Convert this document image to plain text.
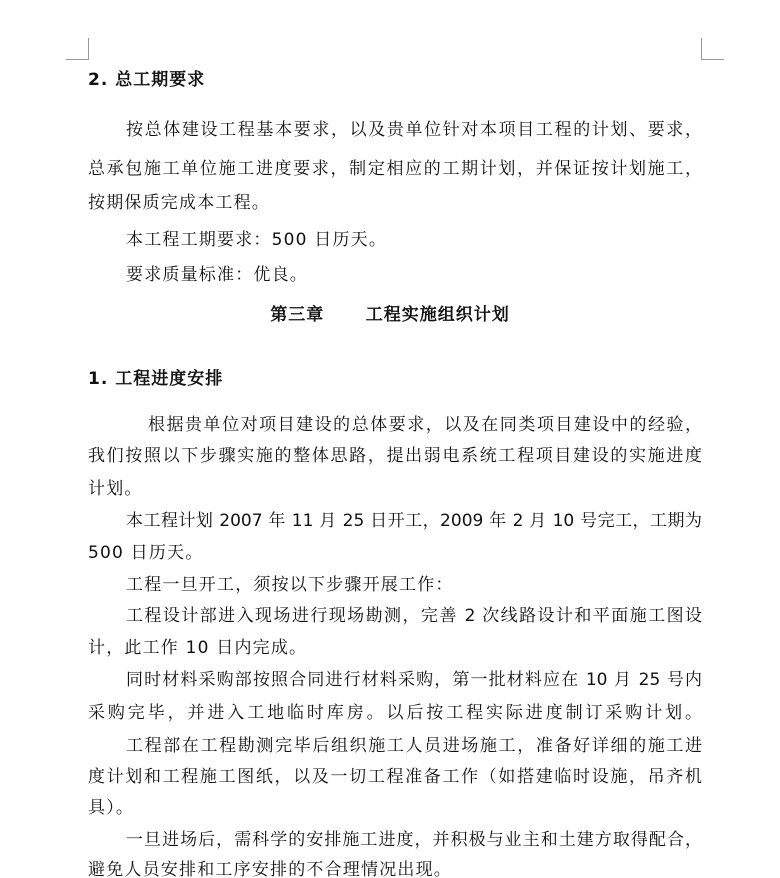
2. 总工期要求
按总体建设工程基本要求，以及贵单位针对本项目工程的计划、要求，
总承包施工单位施工进度要求，制定相应的工期计划，并保证按计划施工，
按期保质完成本工程。
本工程工期要求：500 日历天。
要求质量标准：优良。
第三章      工程实施组织计划
1. 工程进度安排
根据贵单位对项目建设的总体要求，以及在同类项目建设中的经验，
我们按照以下步骤实施的整体思路，提出弱电系统工程项目建设的实施进度
计划。
本工程计划 2007 年 11 月 25 日开工，2009 年 2 月 10 号完工，工期为
500 日历天。
工程一旦开工，须按以下步骤开展工作：
工程设计部进入现场进行现场勘测，完善 2 次线路设计和平面施工图设
计，此工作 10 日内完成。
同时材料采购部按照合同进行材料采购，第一批材料应在 10 月 25 号内
采购完毕，并进入工地临时库房。以后按工程实际进度制订采购计划。
工程部在工程勘测完毕后组织施工人员进场施工，准备好详细的施工进
度计划和工程施工图纸，以及一切工程准备工作（如搭建临时设施，吊齐机
具）。
一旦进场后，需科学的安排施工进度，并积极与业主和土建方取得配合，
避免人员安排和工序安排的不合理情况出现。
